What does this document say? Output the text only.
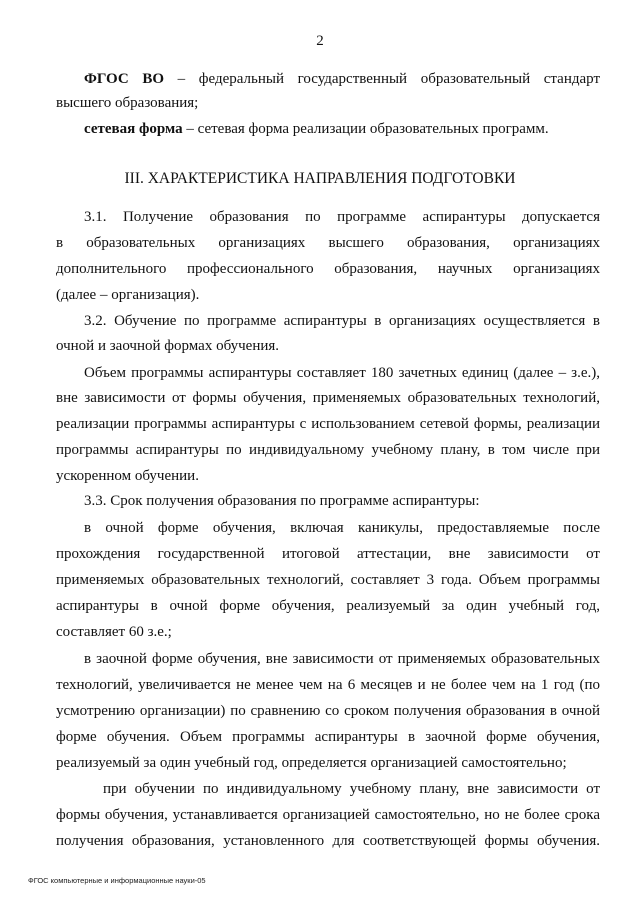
2
ФГОС ВО – федеральный государственный образовательный стандарт
высшего образования;
сетевая форма – сетевая форма реализации образовательных программ.
III. ХАРАКТЕРИСТИКА НАПРАВЛЕНИЯ ПОДГОТОВКИ
3.1. Получение образования по программе аспирантуры допускается
в образовательных организациях высшего образования, организациях
дополнительного профессионального образования, научных организациях
(далее – организация).
3.2. Обучение по программе аспирантуры в организациях осуществляется в
очной и заочной формах обучения.
Объем программы аспирантуры составляет 180 зачетных единиц (далее – з.е.),
вне зависимости от формы обучения, применяемых образовательных технологий,
реализации программы аспирантуры с использованием сетевой формы, реализации
программы аспирантуры по индивидуальному учебному плану, в том числе при
ускоренном обучении.
3.3. Срок получения образования по программе аспирантуры:
в очной форме обучения, включая каникулы, предоставляемые после
прохождения государственной итоговой аттестации, вне зависимости от
применяемых образовательных технологий, составляет 3 года. Объем программы
аспирантуры в очной форме обучения, реализуемый за один учебный год,
составляет 60 з.е.;
в заочной форме обучения, вне зависимости от применяемых образовательных
технологий, увеличивается не менее чем на 6 месяцев и не более чем на 1 год (по
усмотрению организации) по сравнению со сроком получения образования в очной
форме обучения. Объем программы аспирантуры в заочной форме обучения,
реализуемый за один учебный год, определяется организацией самостоятельно;
при обучении по индивидуальному учебному плану, вне зависимости от
формы обучения, устанавливается организацией самостоятельно, но не более срока
получения образования, установленного для соответствующей формы обучения.
ФГОС компьютерные и информационные науки-05
